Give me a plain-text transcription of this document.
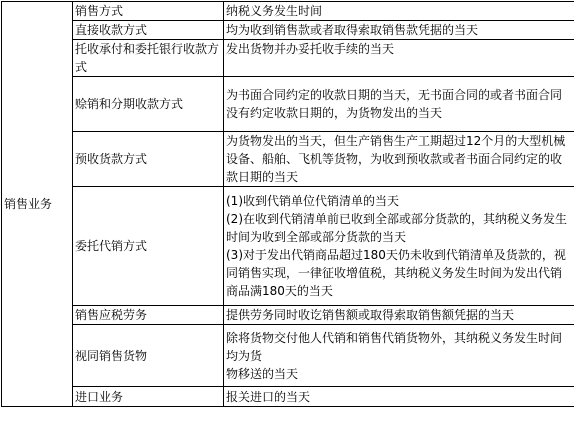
销售业务	销售方式	纳税义务发生时间
	直接收款方式	均为收到销售款或者取得索取销售款凭据的当天
	托收承付和委托银行收款方式	发出货物并办妥托收手续的当天
	赊销和分期收款方式	为书面合同约定的收款日期的当天，无书面合同的或者书面合同没有约定收款日期的，为货物发出的当天
	预收货款方式	为货物发出的当天，但生产销售生产工期超过12个月的大型机械设备、船舶、飞机等货物，为收到预收款或者书面合同约定的收款日期的当天
	委托代销方式	(1)收到代销单位代销清单的当天
(2)在收到代销清单前已收到全部或部分货款的，其纳税义务发生时间为收到全部或部分货款的当天
(3)对于发出代销商品超过180天仍未收到代销清单及货款的，视同销售实现，一律征收增值税，其纳税义务发生时间为发出代销商品满180天的当天

	销售应税劳务	提供劳务同时收讫销售额或取得索取销售额凭据的当天
	视同销售货物	除将货物交付他人代销和销售代销货物外，其纳税义务发生时间均为货
物移送的当天

	进口业务	报关进口的当天
